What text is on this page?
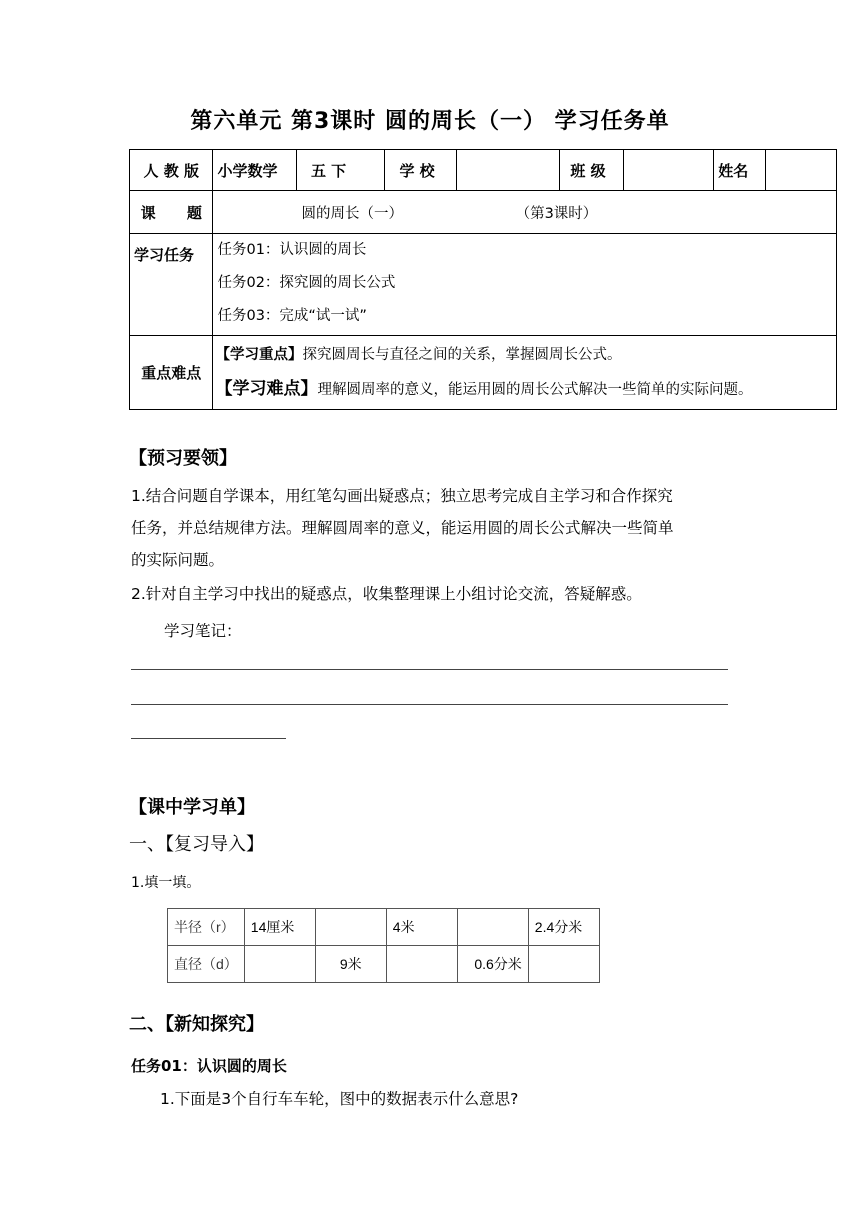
第六单元 第3课时 圆的周长（一） 学习任务单
人 教 版	小学数学	五 下	学 校		班 级		姓名	
课      题	圆的周长（一） （第3课时）							
学习任务	任务01：认识圆的周长
任务02：探究圆的周长公式
任务03：完成“试一试”							

重点难点	【学习重点】探究圆周长与直径之间的关系，掌握圆周长公式。
【学习难点】理解圆周率的意义，能运用圆的周长公式解决一些简单的实际问题。							
【预习要领】
1.结合问题自学课本，用红笔勾画出疑惑点；独立思考完成自主学习和合作探究
任务，并总结规律方法。理解圆周率的意义，能运用圆的周长公式解决一些简单
的实际问题。
2.针对自主学习中找出的疑惑点，收集整理课上小组讨论交流，答疑解惑。
学习笔记：
【课中学习单】
一、【复习导入】
1.填一填。
半径（r）	14厘米		4米		2.4分米
直径（d）		9米		0.6分米	
二、【新知探究】
任务01：认识圆的周长
1.下面是3个自行车车轮，图中的数据表示什么意思?
